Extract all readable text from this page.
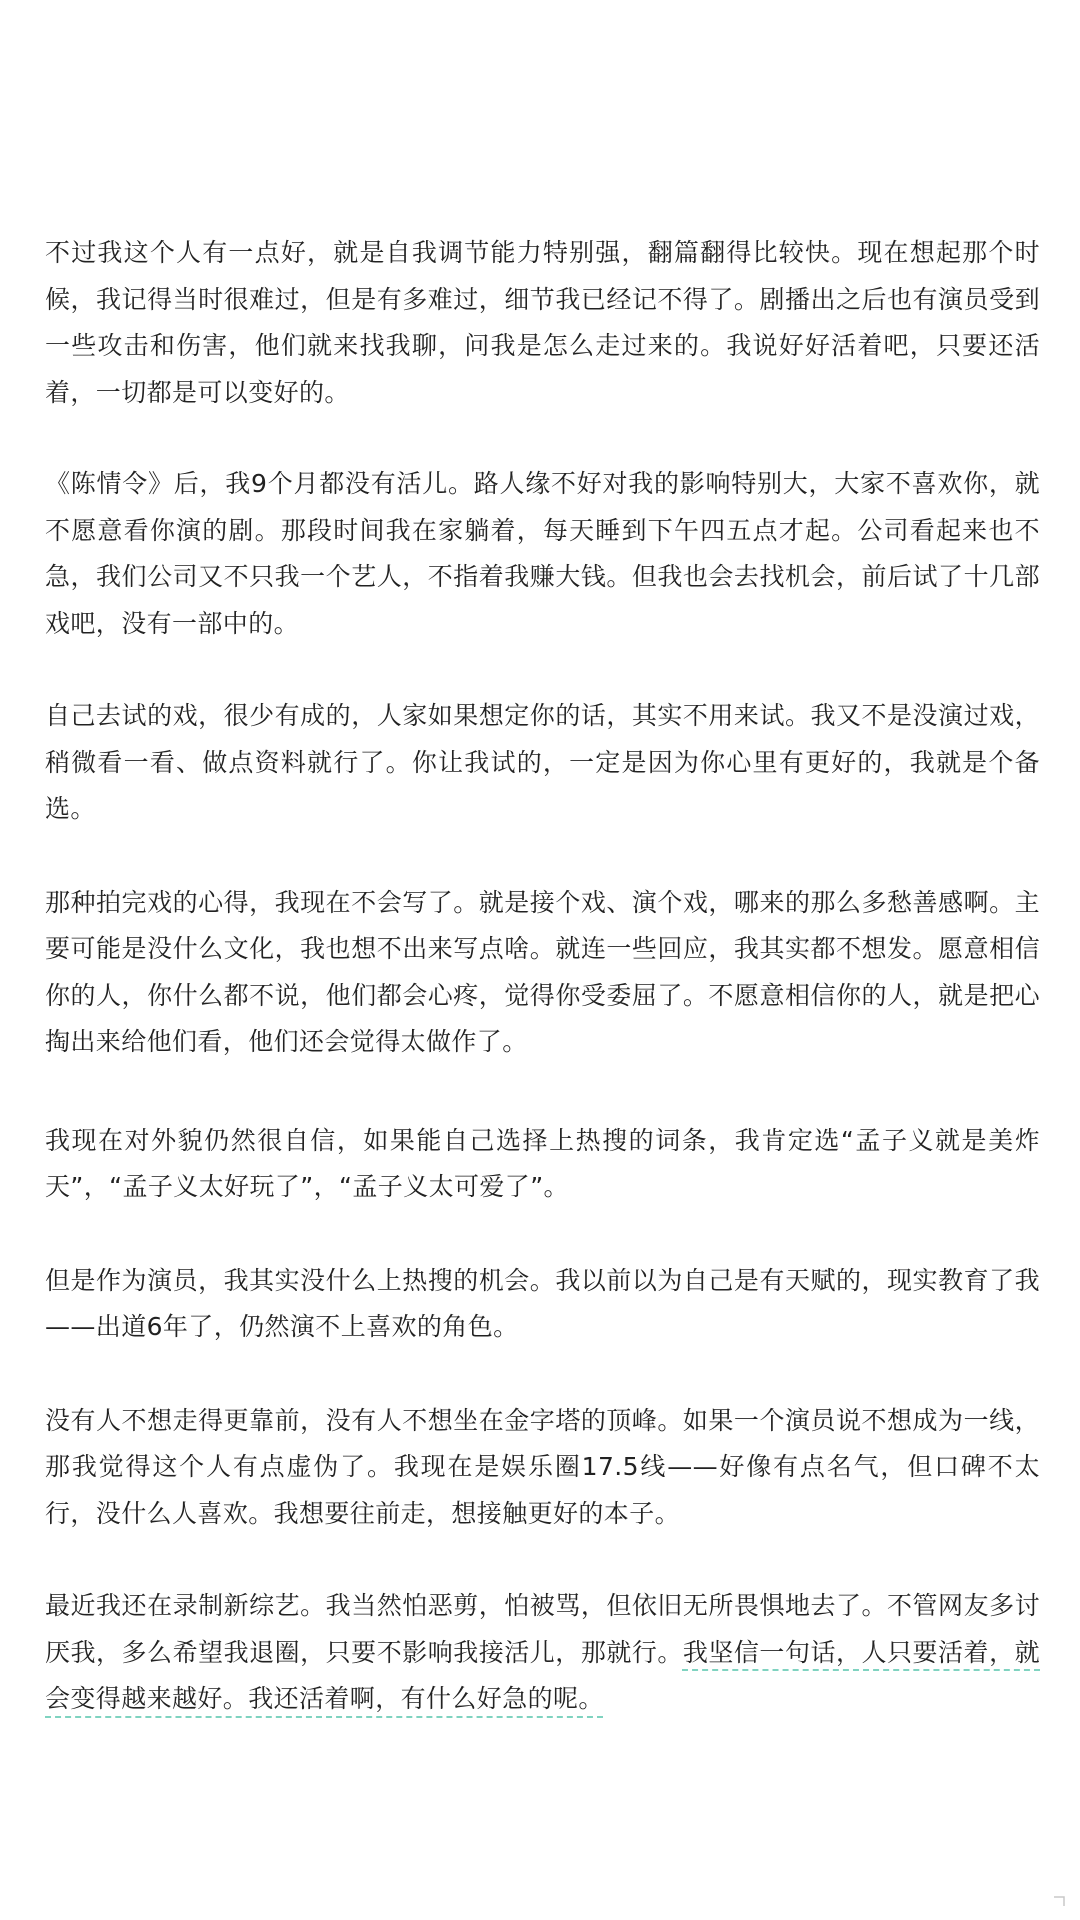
不过我这个人有一点好，就是自我调节能力特别强，翻篇翻得比较快。现在想起那个时候，我记得当时很难过，但是有多难过，细节我已经记不得了。剧播出之后也有演员受到一些攻击和伤害，他们就来找我聊，问我是怎么走过来的。我说好好活着吧，只要还活着，一切都是可以变好的。

《陈情令》后，我9个月都没有活儿。路人缘不好对我的影响特别大，大家不喜欢你，就不愿意看你演的剧。那段时间我在家躺着，每天睡到下午四五点才起。公司看起来也不急，我们公司又不只我一个艺人，不指着我赚大钱。但我也会去找机会，前后试了十几部戏吧，没有一部中的。

自己去试的戏，很少有成的，人家如果想定你的话，其实不用来试。我又不是没演过戏，稍微看一看、做点资料就行了。你让我试的，一定是因为你心里有更好的，我就是个备选。

那种拍完戏的心得，我现在不会写了。就是接个戏、演个戏，哪来的那么多愁善感啊。主要可能是没什么文化，我也想不出来写点啥。就连一些回应，我其实都不想发。愿意相信你的人，你什么都不说，他们都会心疼，觉得你受委屈了。不愿意相信你的人，就是把心掏出来给他们看，他们还会觉得太做作了。

我现在对外貌仍然很自信，如果能自己选择上热搜的词条，我肯定选“孟子义就是美炸天”，“孟子义太好玩了”，“孟子义太可爱了”。

但是作为演员，我其实没什么上热搜的机会。我以前以为自己是有天赋的，现实教育了我——出道6年了，仍然演不上喜欢的角色。

没有人不想走得更靠前，没有人不想坐在金字塔的顶峰。如果一个演员说不想成为一线，那我觉得这个人有点虚伪了。我现在是娱乐圈17.5线——好像有点名气，但口碑不太行，没什么人喜欢。我想要往前走，想接触更好的本子。

最近我还在录制新综艺。我当然怕恶剪，怕被骂，但依旧无所畏惧地去了。不管网友多讨厌我，多么希望我退圈，只要不影响我接活儿，那就行。我坚信一句话，人只要活着，就会变得越来越好。我还活着啊，有什么好急的呢。
